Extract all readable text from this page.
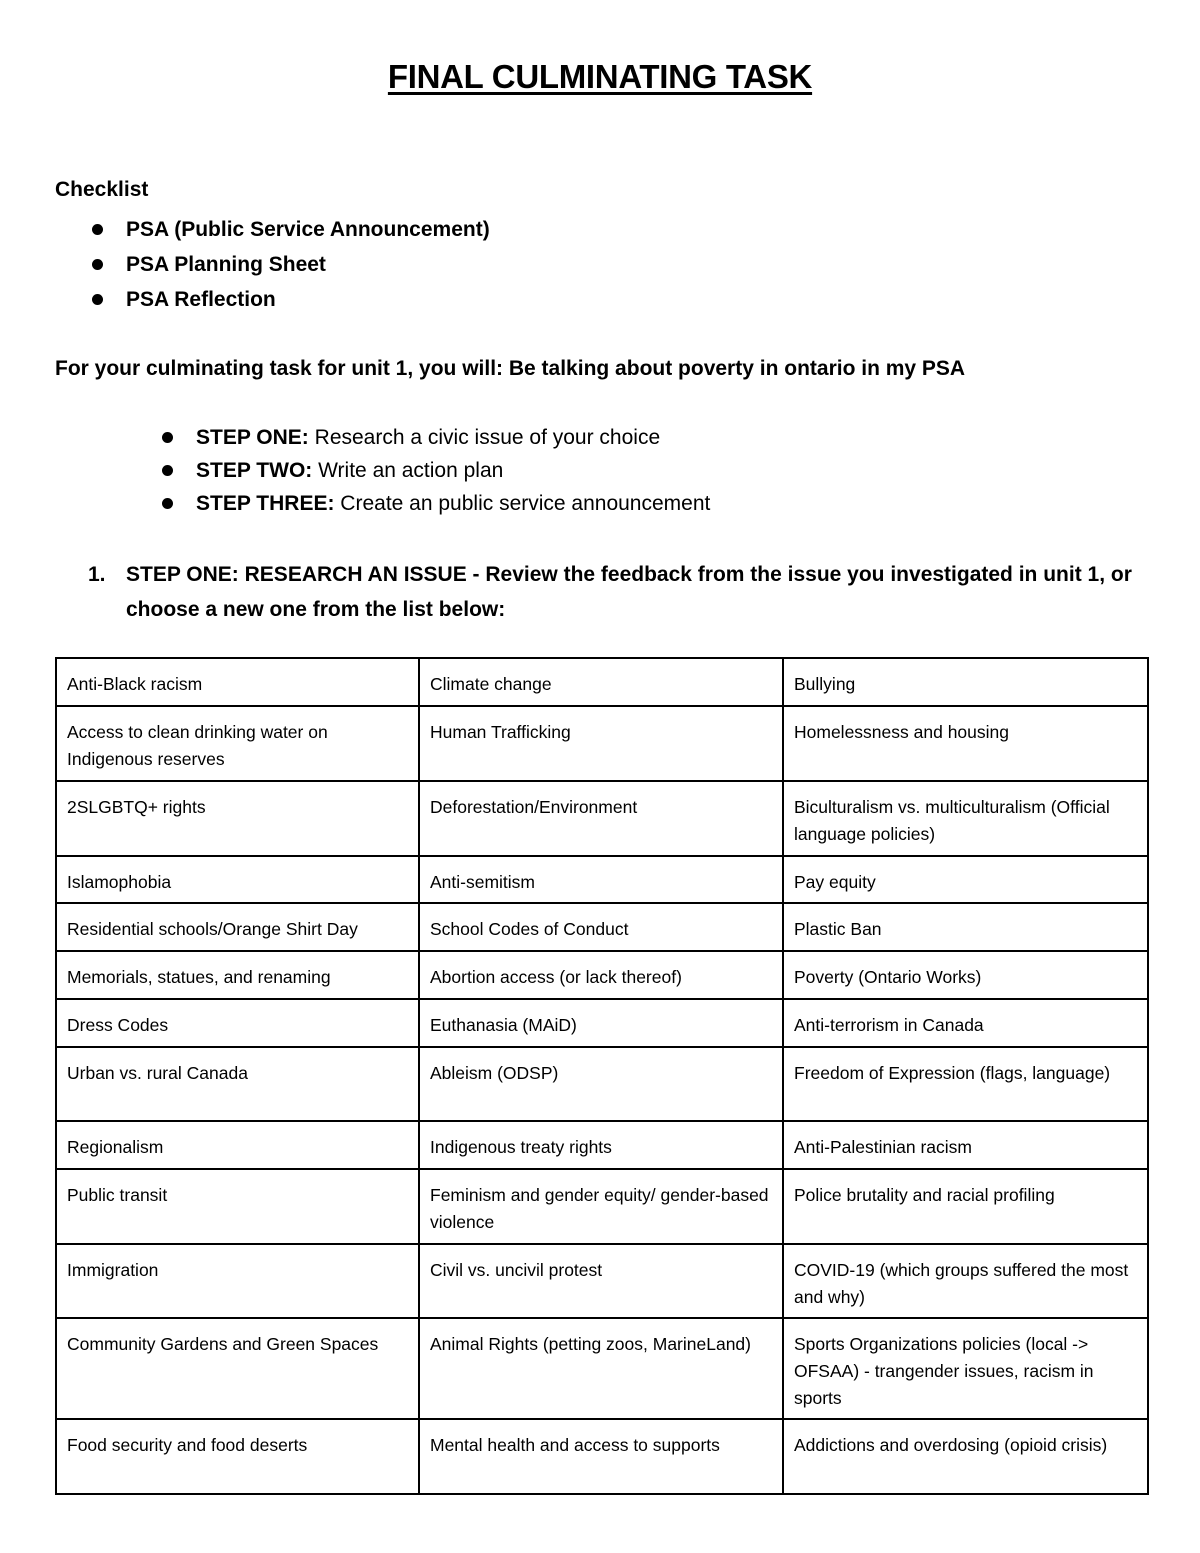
FINAL CULMINATING TASK

Checklist

PSA (Public Service Announcement)
PSA Planning Sheet
PSA Reflection

For your culminating task for unit 1, you will: Be talking about poverty in ontario in my PSA

STEP ONE: Research a civic issue of your choice
STEP TWO: Write an action plan
STEP THREE: Create an public service announcement
1. STEP ONE: RESEARCH AN ISSUE - Review the feedback from the issue you investigated in unit 1, or choose a new one from the list below:
Anti-Black racism	Climate change	Bullying
Access to clean drinking water on Indigenous reserves	Human Trafficking	Homelessness and housing
2SLGBTQ+ rights	Deforestation/Environment	Biculturalism vs. multiculturalism (Official language policies)
Islamophobia	Anti-semitism	Pay equity
Residential schools/Orange Shirt Day	School Codes of Conduct	Plastic Ban
Memorials, statues, and renaming	Abortion access (or lack thereof)	Poverty (Ontario Works)
Dress Codes	Euthanasia (MAiD)	Anti-terrorism in Canada
Urban vs. rural Canada	Ableism (ODSP)	Freedom of Expression (flags, language)
Regionalism	Indigenous treaty rights	Anti-Palestinian racism
Public transit	Feminism and gender equity/ gender-based violence	Police brutality and racial profiling
Immigration	Civil vs. uncivil protest	COVID-19 (which groups suffered the most and why)
Community Gardens and Green Spaces	Animal Rights (petting zoos, MarineLand)	Sports Organizations policies (local -> OFSAA) - trangender issues, racism in sports
Food security and food deserts	Mental health and access to supports	Addictions and overdosing (opioid crisis)
